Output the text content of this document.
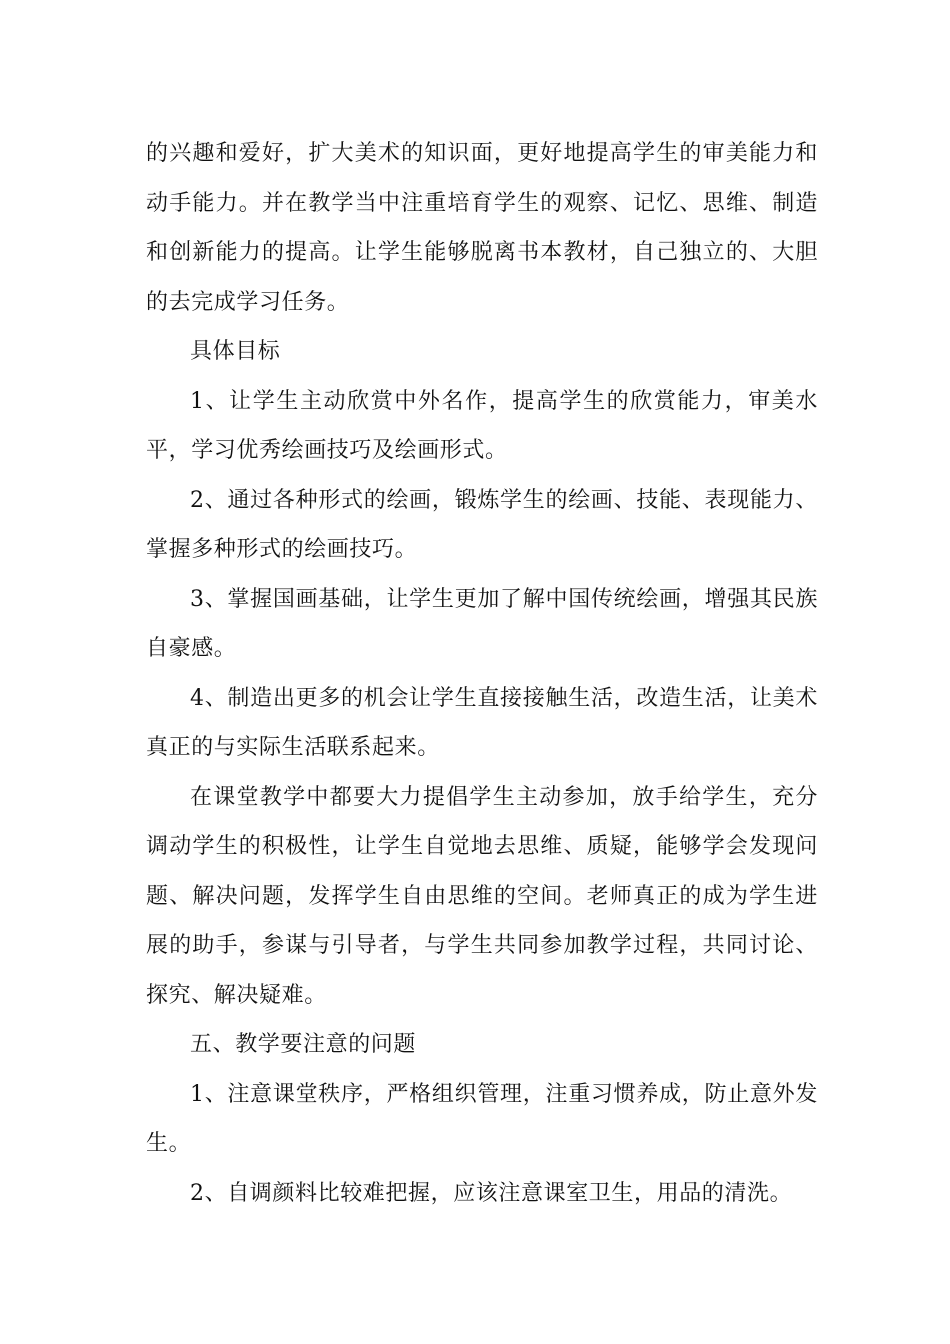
的兴趣和爱好，扩大美术的知识面，更好地提高学生的审美能力和动手能力。并在教学当中注重培育学生的观察、记忆、思维、制造和创新能力的提高。让学生能够脱离书本教材，自己独立的、大胆的去完成学习任务。

具体目标

1、让学生主动欣赏中外名作，提高学生的欣赏能力，审美水平，学习优秀绘画技巧及绘画形式。

2、通过各种形式的绘画，锻炼学生的绘画、技能、表现能力、掌握多种形式的绘画技巧。

3、掌握国画基础，让学生更加了解中国传统绘画，增强其民族自豪感。

4、制造出更多的机会让学生直接接触生活，改造生活，让美术真正的与实际生活联系起来。

在课堂教学中都要大力提倡学生主动参加，放手给学生，充分调动学生的积极性，让学生自觉地去思维、质疑，能够学会发现问题、解决问题，发挥学生自由思维的空间。老师真正的成为学生进展的助手，参谋与引导者，与学生共同参加教学过程，共同讨论、探究、解决疑难。

五、教学要注意的问题

1、注意课堂秩序，严格组织管理，注重习惯养成，防止意外发生。

2、自调颜料比较难把握，应该注意课室卫生，用品的清洗。
